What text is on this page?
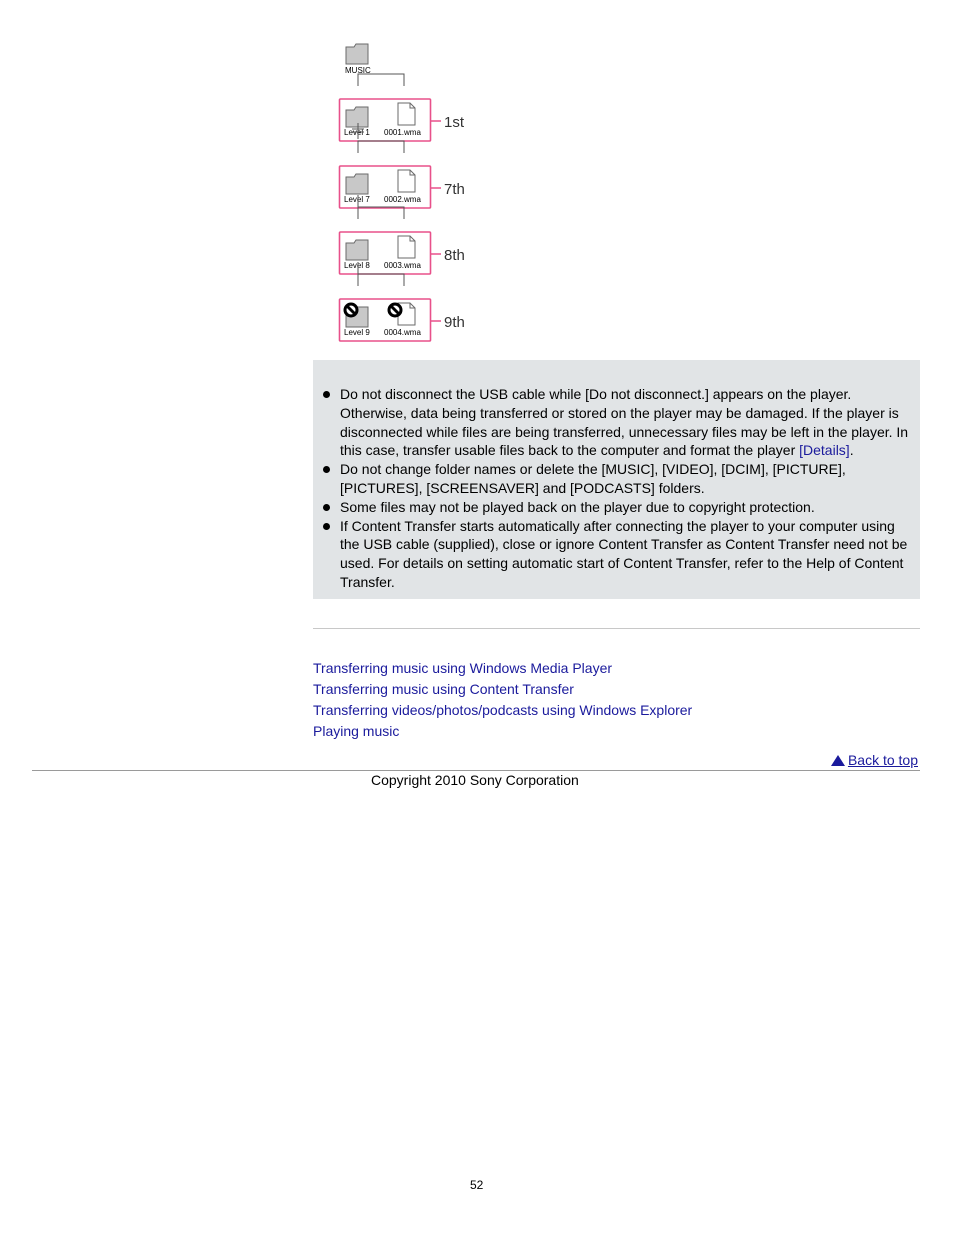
MUSIC
Level 1 0001.wma
1st
Level 7 0002.wma
7th
Level 8 0003.wma
8th
Level 9 0004.wma
9th
Do not disconnect the USB cable while [Do not disconnect.] appears on the player. Otherwise, data being transferred or stored on the player may be damaged. If the player is disconnected while files are being transferred, unnecessary files may be left in the player. In this case, transfer usable files back to the computer and format the player [Details].
Do not change folder names or delete the [MUSIC], [VIDEO], [DCIM], [PICTURE], [PICTURES], [SCREENSAVER] and [PODCASTS] folders.
Some files may not be played back on the player due to copyright protection.
If Content Transfer starts automatically after connecting the player to your computer using the USB cable (supplied), close or ignore Content Transfer as Content Transfer need not be used. For details on setting automatic start of Content Transfer, refer to the Help of Content Transfer.
Transferring music using Windows Media Player
Transferring music using Content Transfer
Transferring videos/photos/podcasts using Windows Explorer
Playing music
Back to top
Copyright 2010 Sony Corporation
52
